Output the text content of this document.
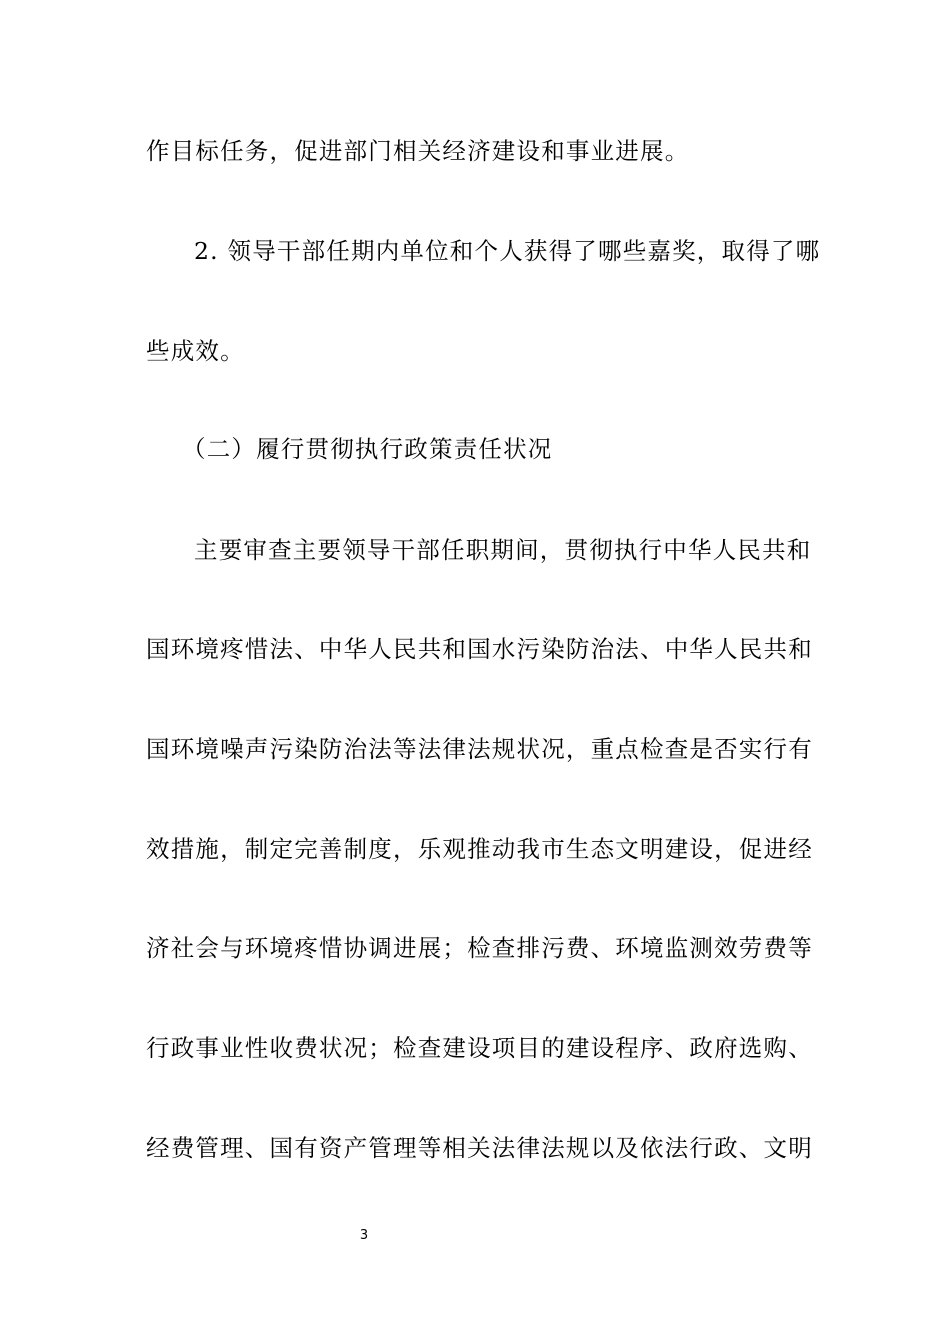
作目标任务，促进部门相关经济建设和事业进展。
2. 领导干部任期内单位和个人获得了哪些嘉奖，取得了哪
些成效。
（二）履行贯彻执行政策责任状况
主要审查主要领导干部任职期间，贯彻执行中华人民共和
国环境疼惜法、中华人民共和国水污染防治法、中华人民共和
国环境噪声污染防治法等法律法规状况，重点检查是否实行有
效措施，制定完善制度，乐观推动我市生态文明建设，促进经
济社会与环境疼惜协调进展；检查排污费、环境监测效劳费等
行政事业性收费状况；检查建设项目的建设程序、政府选购、
经费管理、国有资产管理等相关法律法规以及依法行政、文明
3
